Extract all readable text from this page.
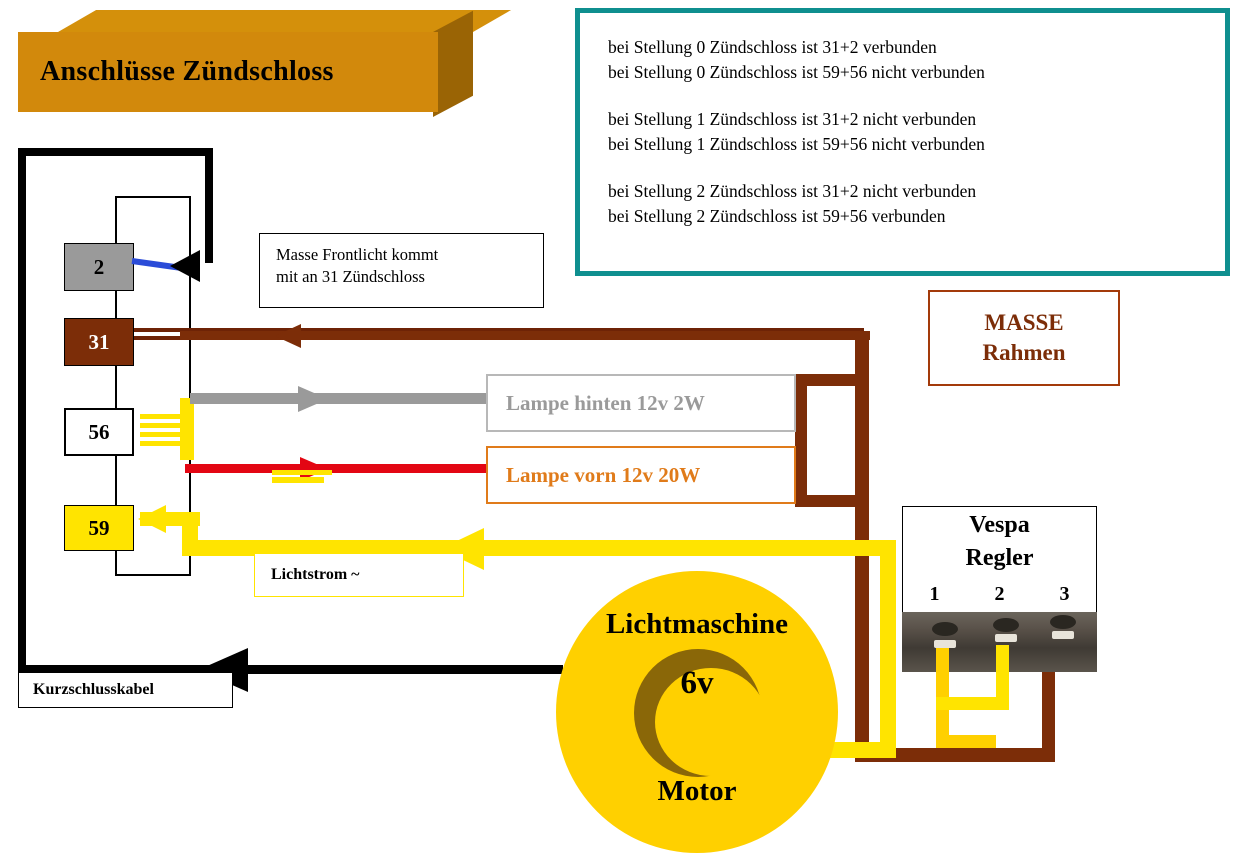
Anschlüsse Zündschloss
bei Stellung 0 Zündschloss ist 31+2 verbunden
bei Stellung 0 Zündschloss ist 59+56 nicht verbunden
bei Stellung 1 Zündschloss ist 31+2 nicht verbunden
bei Stellung 1 Zündschloss ist 59+56 nicht verbunden
bei Stellung 2 Zündschloss ist 31+2 nicht verbunden
bei Stellung 2 Zündschloss ist 59+56 verbunden
Lampe hinten 12v 2W
Lampe vorn 12v 20W
2
31
56
59
Masse Frontlicht kommt
mit an 31 Zündschloss
Lichtstrom ~
Kurzschlusskabel
MASSE
Rahmen
Lichtmaschine
6v
Motor
Vespa
Regler
1	2	3
